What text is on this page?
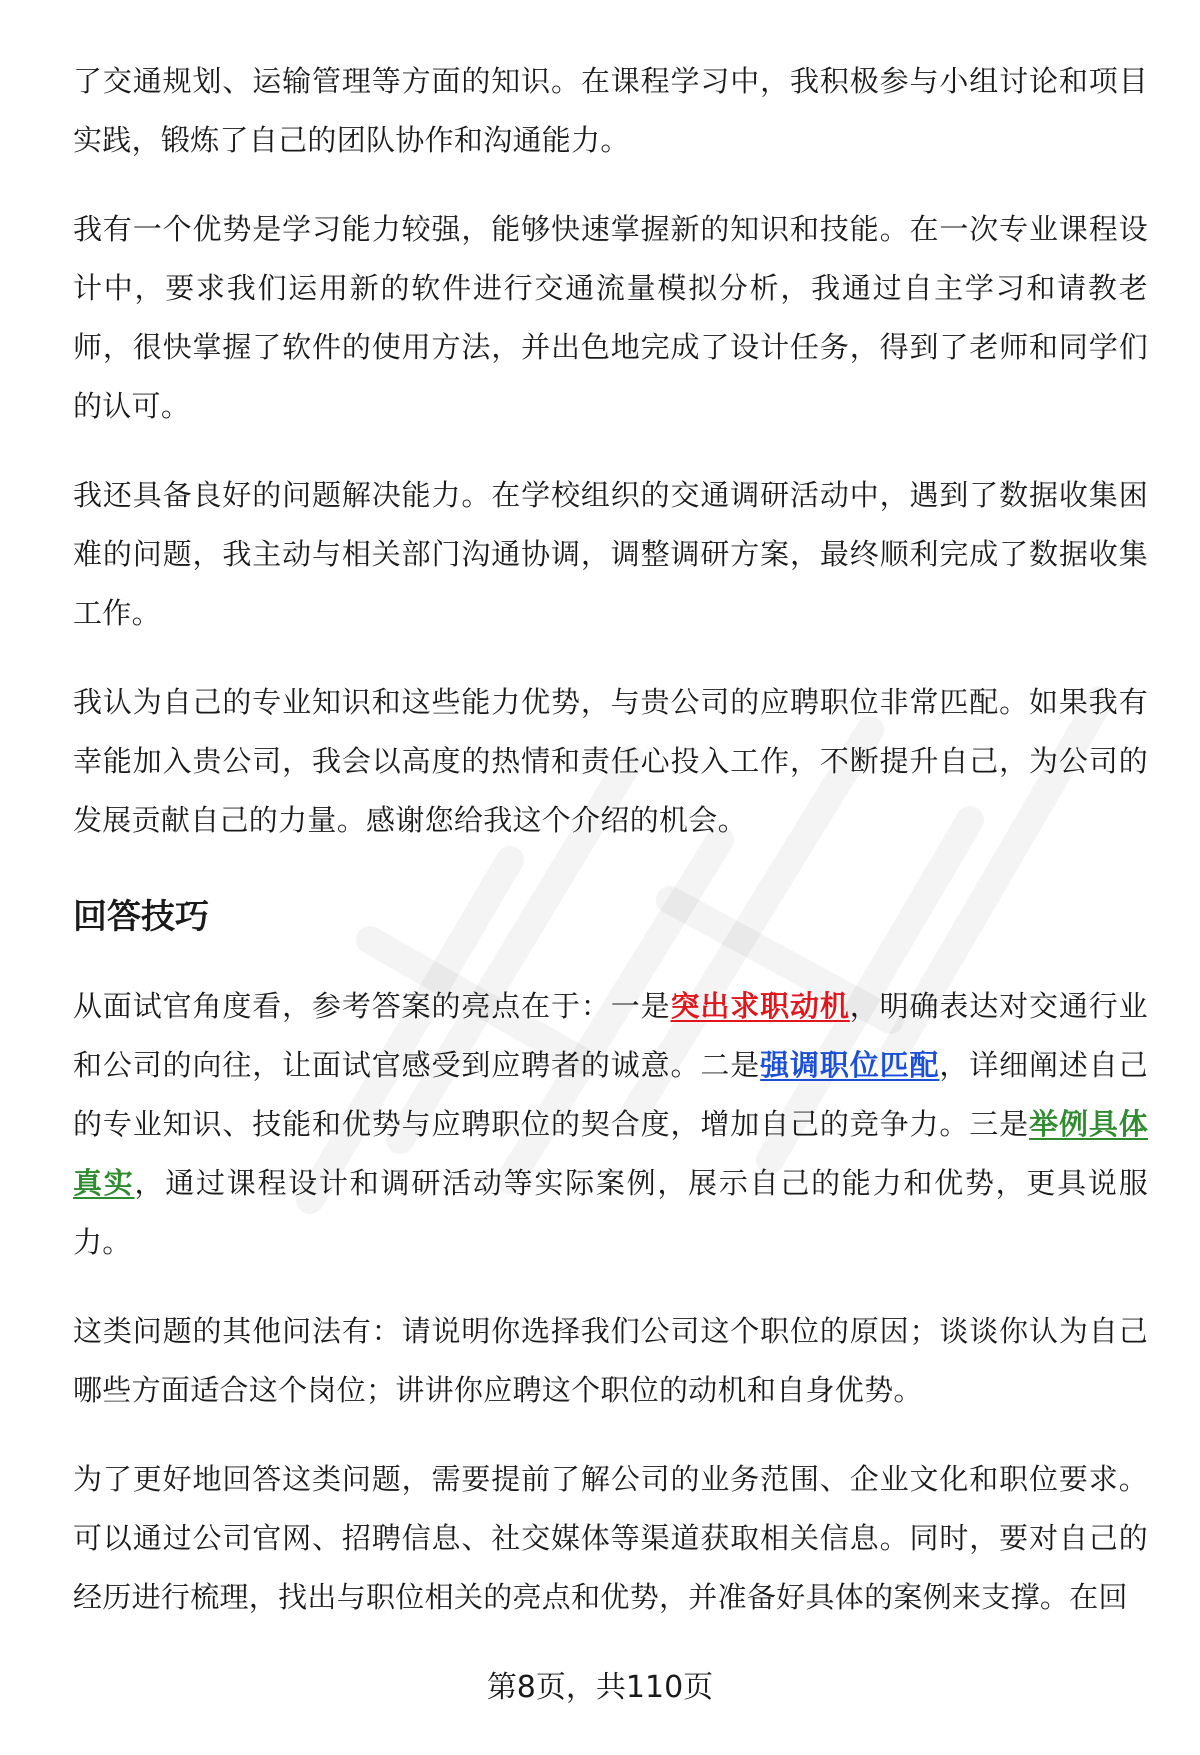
了交通规划、运输管理等方面的知识。在课程学习中，我积极参与小组讨论和项目实践，锻炼了自己的团队协作和沟通能力。

我有一个优势是学习能力较强，能够快速掌握新的知识和技能。在一次专业课程设计中，要求我们运用新的软件进行交通流量模拟分析，我通过自主学习和请教老师，很快掌握了软件的使用方法，并出色地完成了设计任务，得到了老师和同学们的认可。

我还具备良好的问题解决能力。在学校组织的交通调研活动中，遇到了数据收集困难的问题，我主动与相关部门沟通协调，调整调研方案，最终顺利完成了数据收集工作。

我认为自己的专业知识和这些能力优势，与贵公司的应聘职位非常匹配。如果我有幸能加入贵公司，我会以高度的热情和责任心投入工作，不断提升自己，为公司的发展贡献自己的力量。感谢您给我这个介绍的机会。

回答技巧

从面试官角度看，参考答案的亮点在于：一是突出求职动机，明确表达对交通行业和公司的向往，让面试官感受到应聘者的诚意。二是强调职位匹配，详细阐述自己的专业知识、技能和优势与应聘职位的契合度，增加自己的竞争力。三是举例具体真实，通过课程设计和调研活动等实际案例，展示自己的能力和优势，更具说服力。

这类问题的其他问法有：请说明你选择我们公司这个职位的原因；谈谈你认为自己哪些方面适合这个岗位；讲讲你应聘这个职位的动机和自身优势。

为了更好地回答这类问题，需要提前了解公司的业务范围、企业文化和职位要求。可以通过公司官网、招聘信息、社交媒体等渠道获取相关信息。同时，要对自己的经历进行梳理，找出与职位相关的亮点和优势，并准备好具体的案例来支撑。在回

第8页，共110页
